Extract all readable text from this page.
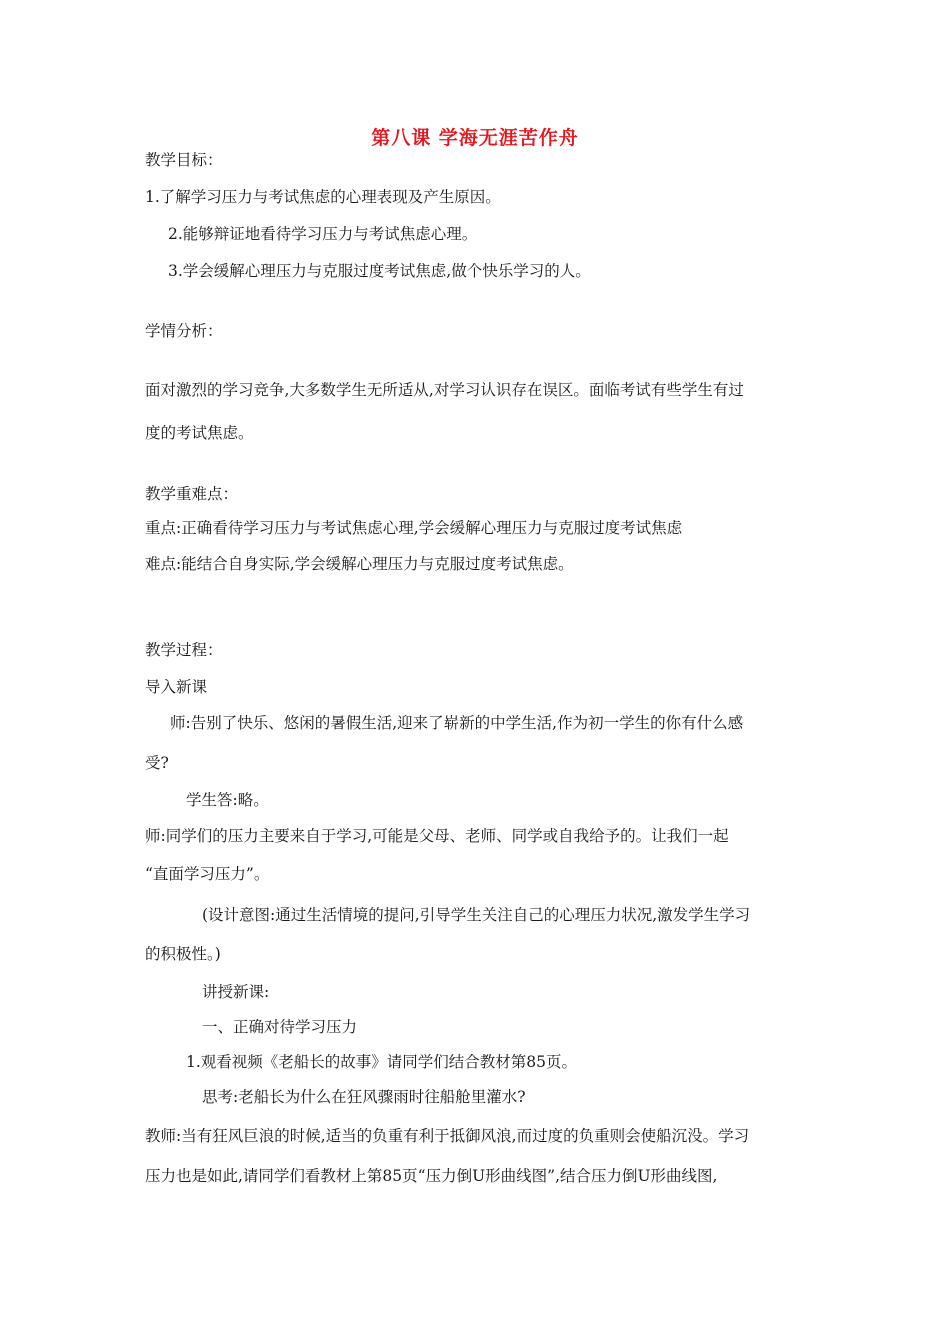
第八课 学海无涯苦作舟
教学目标：
1.了解学习压力与考试焦虑的心理表现及产生原因。
2.能够辩证地看待学习压力与考试焦虑心理。
3.学会缓解心理压力与克服过度考试焦虑,做个快乐学习的人。
学情分析：
面对激烈的学习竞争,大多数学生无所适从,对学习认识存在误区。面临考试有些学生有过
度的考试焦虑。
教学重难点：
重点:正确看待学习压力与考试焦虑心理,学会缓解心理压力与克服过度考试焦虑
难点:能结合自身实际,学会缓解心理压力与克服过度考试焦虑。
教学过程：
导入新课
师:告别了快乐、悠闲的暑假生活,迎来了崭新的中学生活,作为初一学生的你有什么感
受?
学生答:略。
师:同学们的压力主要来自于学习,可能是父母、老师、同学或自我给予的。让我们一起
“直面学习压力”。
(设计意图:通过生活情境的提问,引导学生关注自己的心理压力状况,激发学生学习
的积极性。)
讲授新课:
一、正确对待学习压力
1.观看视频《老船长的故事》请同学们结合教材第85页。
思考:老船长为什么在狂风骤雨时往船舱里灌水?
教师:当有狂风巨浪的时候,适当的负重有利于抵御风浪,而过度的负重则会使船沉没。学习
压力也是如此,请同学们看教材上第85页“压力倒U形曲线图”,结合压力倒U形曲线图,
